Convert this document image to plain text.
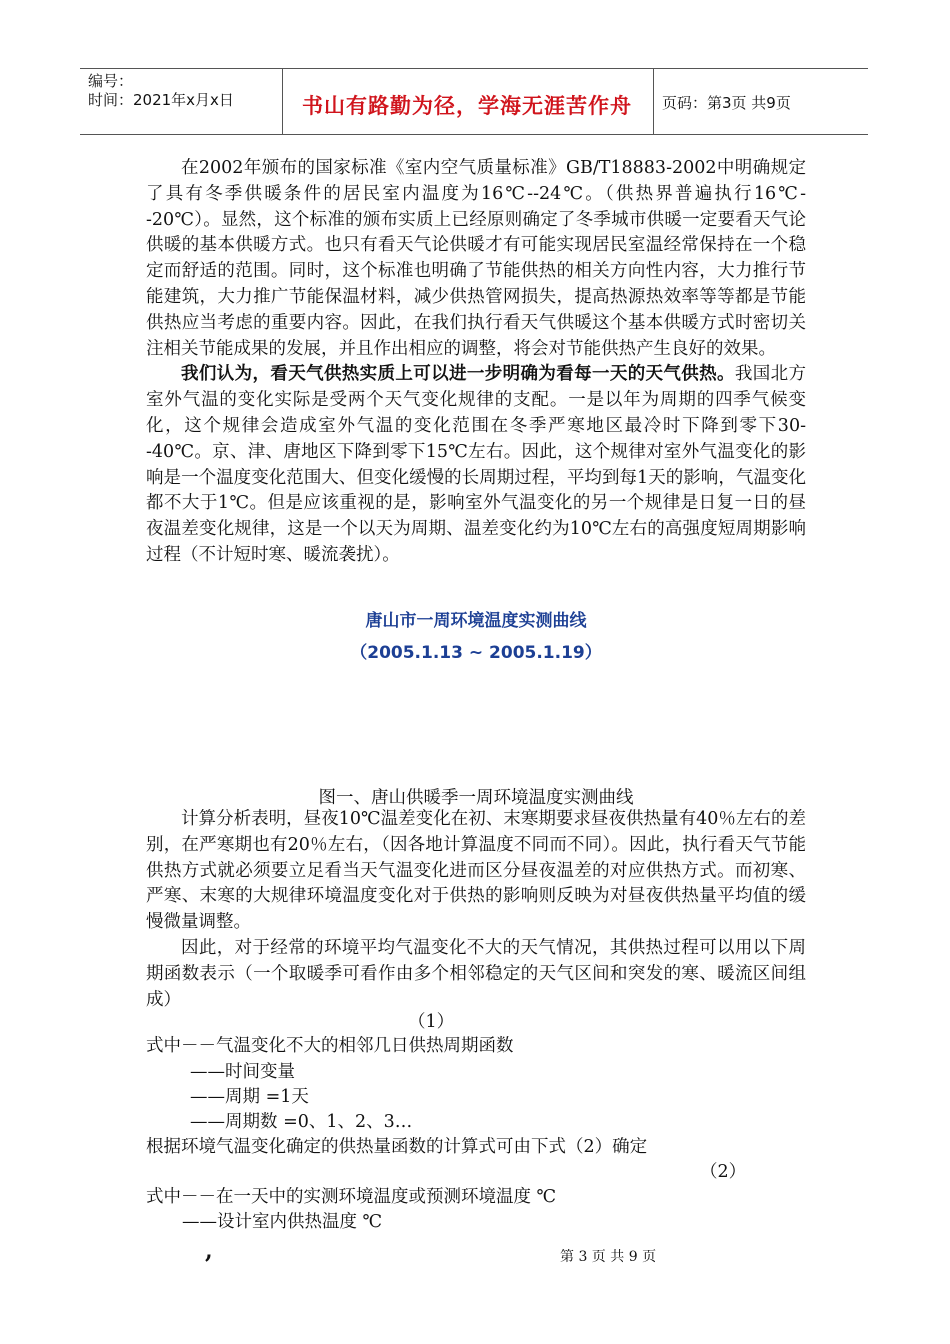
编号：
时间：2021年x月x日	书山有路勤为径，学海无涯苦作舟	页码：第3页 共9页

在2002年颁布的国家标准《室内空气质量标准》GB/T18883-2002中明确规定了具有冬季供暖条件的居民室内温度为16℃--24℃。（供热界普遍执行16℃--20℃）。显然，这个标准的颁布实质上已经原则确定了冬季城市供暖一定要看天气论供暖的基本供暖方式。也只有看天气论供暖才有可能实现居民室温经常保持在一个稳定而舒适的范围。同时，这个标准也明确了节能供热的相关方向性内容，大力推行节能建筑，大力推广节能保温材料，减少供热管网损失，提高热源热效率等等都是节能供热应当考虑的重要内容。因此，在我们执行看天气供暖这个基本供暖方式时密切关注相关节能成果的发展，并且作出相应的调整，将会对节能供热产生良好的效果。

我们认为，看天气供热实质上可以进一步明确为看每一天的天气供热。我国北方室外气温的变化实际是受两个天气变化规律的支配。一是以年为周期的四季气候变化，这个规律会造成室外气温的变化范围在冬季严寒地区最冷时下降到零下30--40℃。京、津、唐地区下降到零下15℃左右。因此，这个规律对室外气温变化的影响是一个温度变化范围大、但变化缓慢的长周期过程，平均到每1天的影响，气温变化都不大于1℃。但是应该重视的是，影响室外气温变化的另一个规律是日复一日的昼夜温差变化规律，这是一个以天为周期、温差变化约为10℃左右的高强度短周期影响过程（不计短时寒、暖流袭扰）。

唐山市一周环境温度实测曲线
（2005.1.13 ~ 2005.1.19）
图一、唐山供暖季一周环境温度实测曲线

计算分析表明，昼夜10℃温差变化在初、末寒期要求昼夜供热量有40％左右的差别，在严寒期也有20％左右，（因各地计算温度不同而不同）。因此，执行看天气节能供热方式就必须要立足看当天气温变化进而区分昼夜温差的对应供热方式。而初寒、严寒、末寒的大规律环境温度变化对于供热的影响则反映为对昼夜供热量平均值的缓慢微量调整。

因此，对于经常的环境平均气温变化不大的天气情况，其供热过程可以用以下周期函数表示（一个取暖季可看作由多个相邻稳定的天气区间和突发的寒、暖流区间组成）

（1）
式中－－气温变化不大的相邻几日供热周期函数
——时间变量
——周期 =1天
——周期数 =0、1、2、3…
根据环境气温变化确定的供热量函数的计算式可由下式（2）确定
（2）
式中－－在一天中的实测环境温度或预测环境温度 ℃
——设计室内供热温度 ℃
,	第 3 页 共 9 页
